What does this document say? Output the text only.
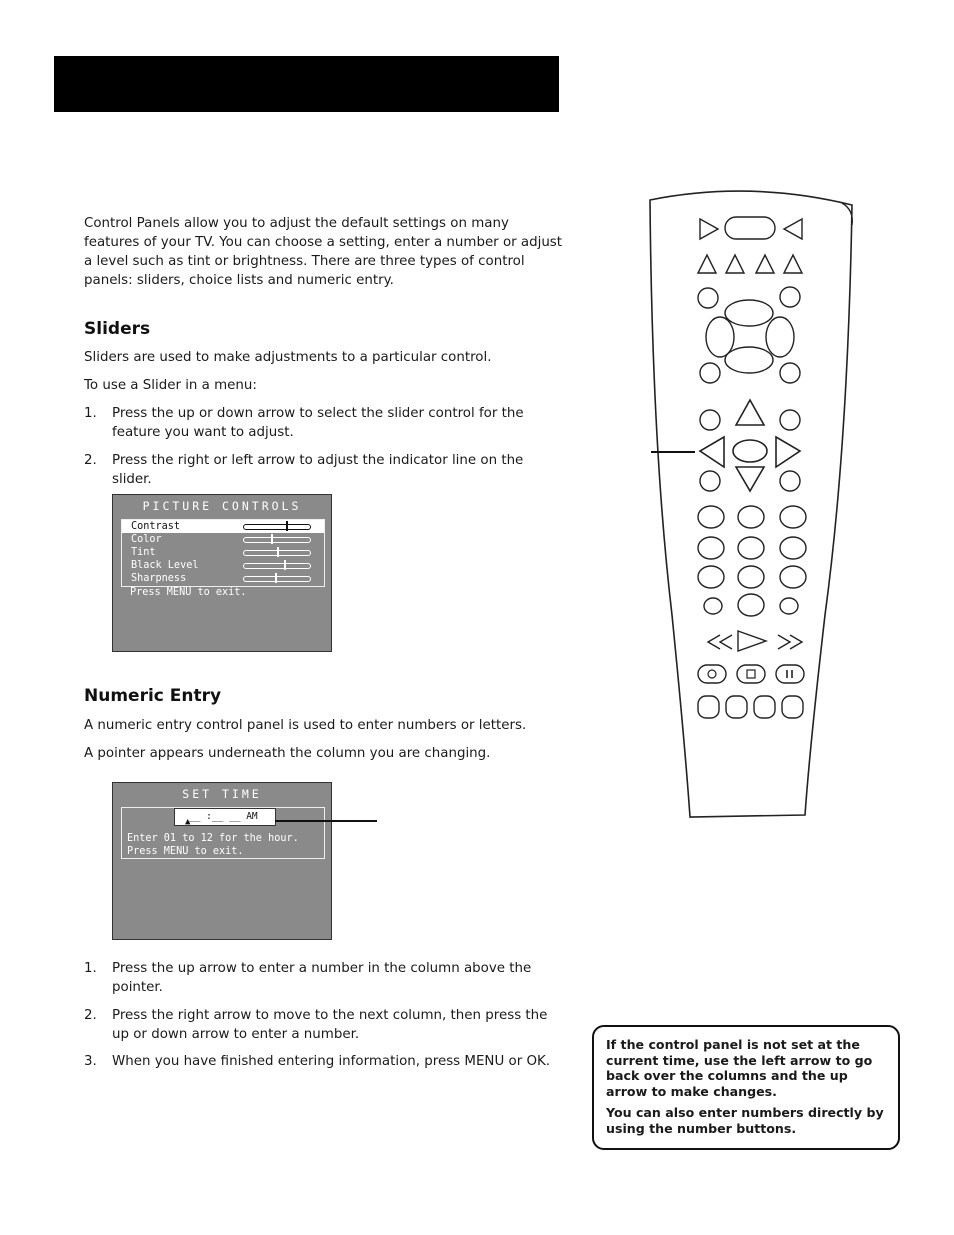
Control Panels allow you to adjust the default settings on many features of your TV. You can choose a setting, enter a number or adjust a level such as tint or brightness. There are three types of control panels: sliders, choice lists and numeric entry.

Sliders

Sliders are used to make adjustments to a particular control.

To use a Slider in a menu:

1. Press the up or down arrow to select the slider control for the feature you want to adjust.
2. Press the right or left arrow to adjust the indicator line on the slider.
PICTURE CONTROLS
Contrast
Color
Tint
Black Level
Sharpness
Press MENU to exit.
Numeric Entry

A numeric entry control panel is used to enter numbers or letters.

A pointer appears underneath the column you are changing.

SET TIME
__ :__ __ AM
▲
Enter 01 to 12 for the hour.
Press MENU to exit.
1. Press the up arrow to enter a number in the column above the pointer.
2. Press the right arrow to move to the next column, then press the up or down arrow to enter a number.
3. When you have finished entering information, press MENU or OK.

If the control panel is not set at the current time, use the left arrow to go back over the columns and the up arrow to make changes.

You can also enter numbers directly by using the number buttons.
